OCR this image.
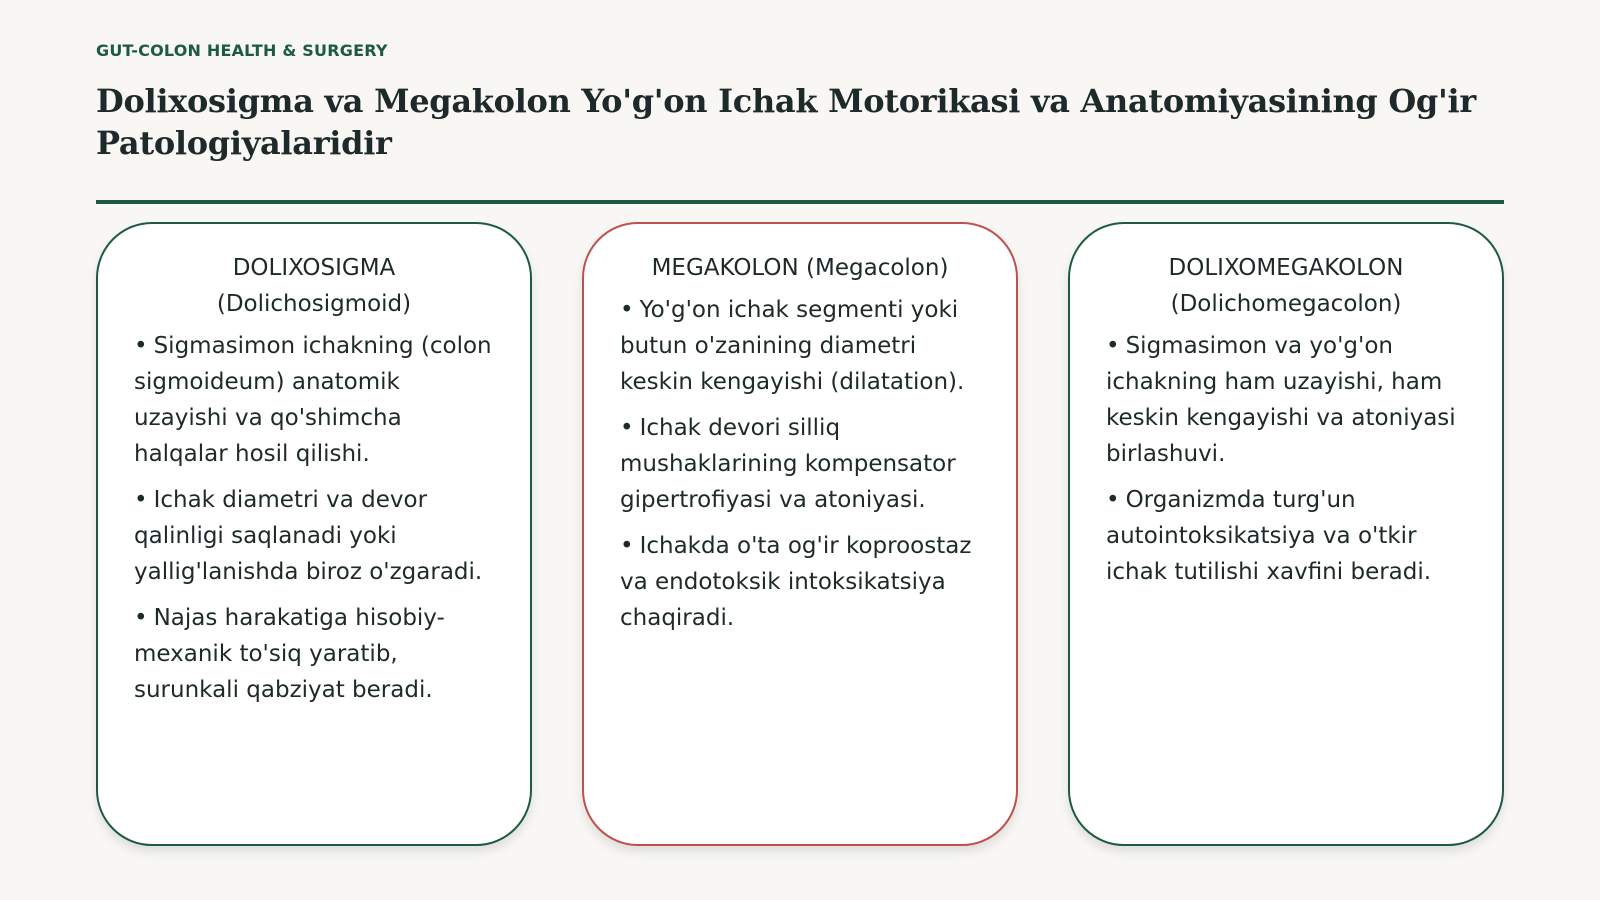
GUT-COLON HEALTH & SURGERY
Dolixosigma va Megakolon Yo'g'on Ichak Motorikasi va Anatomiyasining Og'ir Patologiyalaridir
DOLIXOSIGMA (Dolichosigmoid)

• Sigmasimon ichakning (colon sigmoideum) anatomik uzayishi va qo'shimcha halqalar hosil qilishi.

• Ichak diametri va devor qalinligi saqlanadi yoki yallig'lanishda biroz o'zgaradi.

• Najas harakatiga hisobiy-mexanik to'siq yaratib, surunkali qabziyat beradi.

MEGAKOLON (Megacolon)

• Yo'g'on ichak segmenti yoki butun o'zanining diametri keskin kengayishi (dilatation).

• Ichak devori silliq mushaklarining kompensator gipertrofiyasi va atoniyasi.

• Ichakda o'ta og'ir koproostaz va endotoksik intoksikatsiya chaqiradi.

DOLIXOMEGAKOLON (Dolichomegacolon)

• Sigmasimon va yo'g'on ichakning ham uzayishi, ham keskin kengayishi va atoniyasi birlashuvi.

• Organizmda turg'un autointoksikatsiya va o'tkir ichak tutilishi xavfini beradi.
